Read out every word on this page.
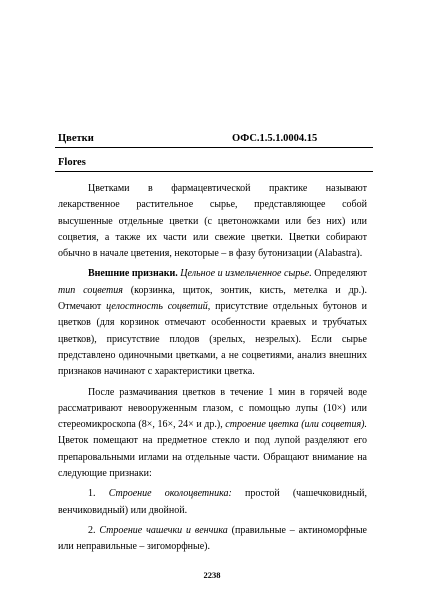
Цветки	ОФС.1.5.1.0004.15
Flores

Цветками в фармацевтической практике называют лекарственное растительное сырье, представляющее собой высушенные отдельные цветки (с цветоножками или без них) или соцветия, а также их части или свежие цветки. Цветки собирают обычно в начале цветения, некоторые – в фазу бутонизации (Alabastra).

Внешние признаки. Цельное и измельченное сырье. Определяют тип соцветия (корзинка, щиток, зонтик, кисть, метелка и др.). Отмечают целостность соцветий, присутствие отдельных бутонов и цветков (для корзинок отмечают особенности краевых и трубчатых цветков), присутствие плодов (зрелых, незрелых). Если сырье представлено одиночными цветками, а не соцветиями, анализ внешних признаков начинают с характеристики цветка.

После размачивания цветков в течение 1 мин в горячей воде рассматривают невооруженным глазом, с помощью лупы (10×) или стереомикроскопа (8×, 16×, 24× и др.), строение цветка (или соцветия). Цветок помещают на предметное стекло и под лупой разделяют его препаровальными иглами на отдельные части. Обращают внимание на следующие признаки:

1. Строение околоцветника: простой (чашечковидный, венчиковидный) или двойной.

2. Строение чашечки и венчика (правильные – актиноморфные или неправильные – зигоморфные).

2238
